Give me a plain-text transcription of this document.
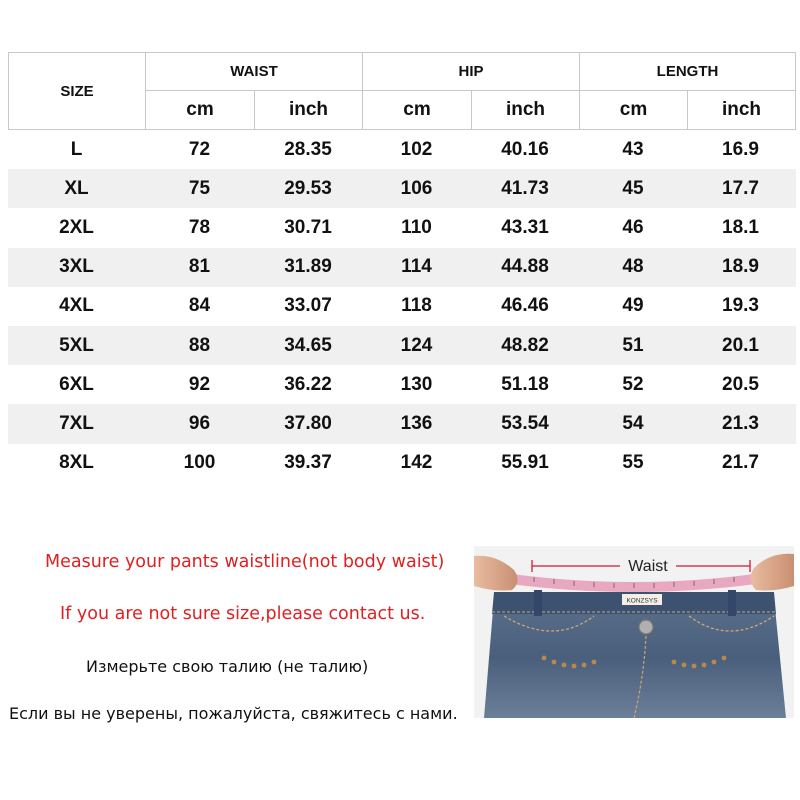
SIZE
WAIST	HIP	LENGTH
cm	inch	cm	inch	cm	inch
L	72	28.35	102	40.16	43	16.9
XL	75	29.53	106	41.73	45	17.7
2XL	78	30.71	110	43.31	46	18.1
3XL	81	31.89	114	44.88	48	18.9
4XL	84	33.07	118	46.46	49	19.3
5XL	88	34.65	124	48.82	51	20.1
6XL	92	36.22	130	51.18	52	20.5
7XL	96	37.80	136	53.54	54	21.3
8XL	100	39.37	142	55.91	55	21.7
Measure your pants waistline(not body waist)
If you are not sure size,please contact us.
Измерьте свою талию (не талию)
Если вы не уверены, пожалуйста, свяжитесь с нами.
KONZSYS
Waist
